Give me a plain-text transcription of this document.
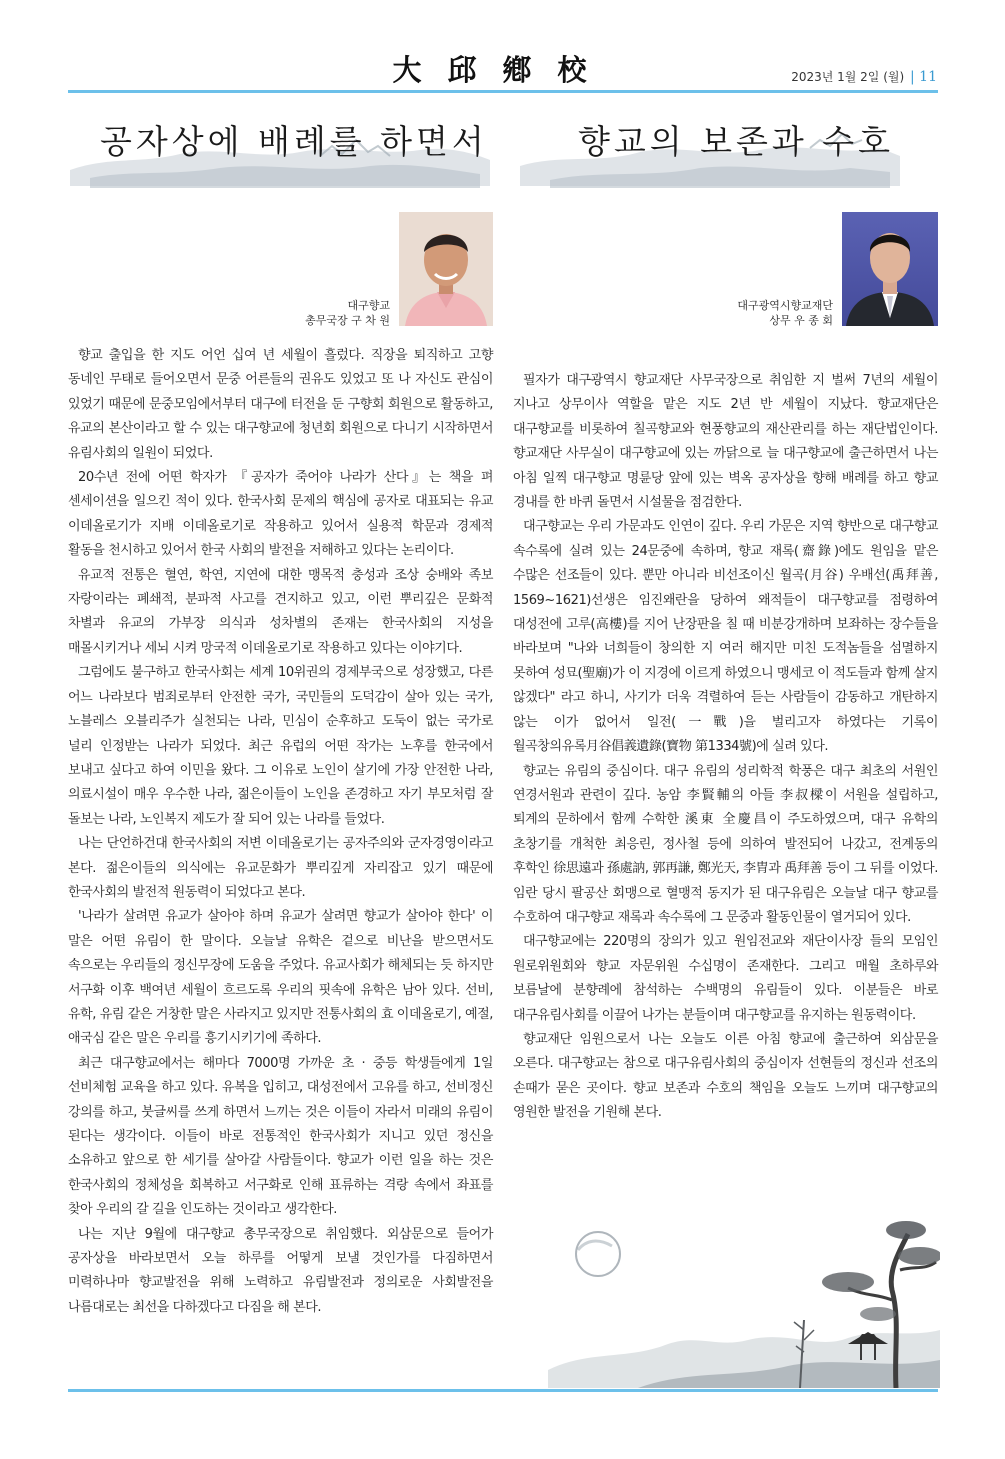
大邱鄕校	2023년 1월 2일 (월) | 11
공자상에 배례를 하면서	향교의 보존과 수호
대구향교
총무국장 구 차 원
대구광역시향교재단
상무 우 종 회

향교 출입을 한 지도 어언 십여 년 세월이 흘렀다. 직장을 퇴직하고 고향 동네인 무태로 들어오면서 문중 어른들의 권유도 있었고 또 나 자신도 관심이 있었기 때문에 문중모임에서부터 대구에 터전을 둔 구향회 회원으로 활동하고, 유교의 본산이라고 할 수 있는 대구향교에 청년회 회원으로 다니기 시작하면서 유림사회의 일원이 되었다.

20수년 전에 어떤 학자가 『공자가 죽어야 나라가 산다』는 책을 펴 센세이션을 일으킨 적이 있다. 한국사회 문제의 핵심에 공자로 대표되는 유교 이데올로기가 지배 이데올로기로 작용하고 있어서 실용적 학문과 경제적 활동을 천시하고 있어서 한국 사회의 발전을 저해하고 있다는 논리이다.

유교적 전통은 혈연, 학연, 지연에 대한 맹목적 충성과 조상 숭배와 족보 자랑이라는 폐쇄적, 분파적 사고를 견지하고 있고, 이런 뿌리깊은 문화적 차별과 유교의 가부장 의식과 성차별의 존재는 한국사회의 지성을 매몰시키거나 세뇌 시켜 망국적 이데올로기로 작용하고 있다는 이야기다.

그럼에도 불구하고 한국사회는 세계 10위권의 경제부국으로 성장했고, 다른 어느 나라보다 범죄로부터 안전한 국가, 국민들의 도덕감이 살아 있는 국가, 노블레스 오블리주가 실천되는 나라, 민심이 순후하고 도둑이 없는 국가로 널리 인정받는 나라가 되었다. 최근 유럽의 어떤 작가는 노후를 한국에서 보내고 싶다고 하여 이민을 왔다. 그 이유로 노인이 살기에 가장 안전한 나라, 의료시설이 매우 우수한 나라, 젊은이들이 노인을 존경하고 자기 부모처럼 잘 돌보는 나라, 노인복지 제도가 잘 되어 있는 나라를 들었다.

나는 단언하건대 한국사회의 저변 이데올로기는 공자주의와 군자경영이라고 본다. 젊은이들의 의식에는 유교문화가 뿌리깊게 자리잡고 있기 때문에 한국사회의 발전적 원동력이 되었다고 본다.

'나라가 살려면 유교가 살아야 하며 유교가 살려면 향교가 살아야 한다' 이 말은 어떤 유림이 한 말이다. 오늘날 유학은 겉으로 비난을 받으면서도 속으로는 우리들의 정신무장에 도움을 주었다. 유교사회가 해체되는 듯 하지만 서구화 이후 백여년 세월이 흐르도록 우리의 핏속에 유학은 남아 있다. 선비, 유학, 유림 같은 거창한 말은 사라지고 있지만 전통사회의 효 이데올로기, 예절, 애국심 같은 말은 우리를 흥기시키기에 족하다.

최근 대구향교에서는 해마다 7000명 가까운 초 · 중등 학생들에게 1일 선비체험 교육을 하고 있다. 유복을 입히고, 대성전에서 고유를 하고, 선비정신 강의를 하고, 붓글씨를 쓰게 하면서 느끼는 것은 이들이 자라서 미래의 유림이 된다는 생각이다. 이들이 바로 전통적인 한국사회가 지니고 있던 정신을 소유하고 앞으로 한 세기를 살아갈 사람들이다. 향교가 이런 일을 하는 것은 한국사회의 정체성을 회복하고 서구화로 인해 표류하는 격랑 속에서 좌표를 찾아 우리의 갈 길을 인도하는 것이라고 생각한다.

나는 지난 9월에 대구향교 총무국장으로 취임했다. 외삼문으로 들어가 공자상을 바라보면서 오늘 하루를 어떻게 보낼 것인가를 다짐하면서 미력하나마 향교발전을 위해 노력하고 유림발전과 정의로운 사회발전을 나름대로는 최선을 다하겠다고 다짐을 해 본다.

필자가 대구광역시 향교재단 사무국장으로 취임한 지 벌써 7년의 세월이 지나고 상무이사 역할을 맡은 지도 2년 반 세월이 지났다. 향교재단은 대구향교를 비롯하여 칠곡향교와 현풍향교의 재산관리를 하는 재단법인이다. 향교재단 사무실이 대구향교에 있는 까닭으로 늘 대구향교에 출근하면서 나는 아침 일찍 대구향교 명륜당 앞에 있는 벽옥 공자상을 향해 배례를 하고 향교 경내를 한 바퀴 돌면서 시설물을 점검한다.

대구향교는 우리 가문과도 인연이 깊다. 우리 가문은 지역 향반으로 대구향교 속수록에 실려 있는 24문중에 속하며, 향교 재록(齋錄)에도 원임을 맡은 수많은 선조들이 있다. 뿐만 아니라 비선조이신 월곡(月谷) 우배선(禹拜善, 1569~1621)선생은 임진왜란을 당하여 왜적들이 대구향교를 점령하여 대성전에 고루(高樓)를 지어 난장판을 칠 때 비분강개하며 보좌하는 장수들을 바라보며 "나와 너희들이 창의한 지 여러 해지만 미친 도적놈들을 섬멸하지 못하여 성묘(聖廟)가 이 지경에 이르게 하였으니 맹세코 이 적도들과 함께 살지 않겠다" 라고 하니, 사기가 더욱 격렬하여 듣는 사람들이 감동하고 개탄하지 않는 이가 없어서 일전(一戰)을 벌리고자 하였다는 기록이 월곡창의유록月谷倡義遺錄(寶物 第1334號)에 실려 있다.

향교는 유림의 중심이다. 대구 유림의 성리학적 학풍은 대구 최초의 서원인 연경서원과 관련이 깊다. 농암 李賢輔의 아들 李叔樑이 서원을 설립하고, 퇴계의 문하에서 함께 수학한 溪東 全慶昌이 주도하였으며, 대구 유학의 초창기를 개척한 최응린, 정사철 등에 의하여 발전되어 나갔고, 전계동의 후학인 徐思遠과 孫處訥, 郭再謙, 鄭光天, 李胄과 禹拜善 등이 그 뒤를 이었다. 임란 당시 팔공산 회맹으로 혈맹적 동지가 된 대구유림은 오늘날 대구 향교를 수호하여 대구향교 재록과 속수록에 그 문중과 활동인물이 열거되어 있다.

대구향교에는 220명의 장의가 있고 원임전교와 재단이사장 들의 모임인 원로위원회와 향교 자문위원 수십명이 존재한다. 그리고 매월 초하루와 보름날에 분향례에 참석하는 수백명의 유림들이 있다. 이분들은 바로 대구유림사회를 이끌어 나가는 분들이며 대구향교를 유지하는 원동력이다.

향교재단 임원으로서 나는 오늘도 이른 아침 향교에 출근하여 외삼문을 오른다. 대구향교는 참으로 대구유림사회의 중심이자 선현들의 정신과 선조의 손때가 묻은 곳이다. 향교 보존과 수호의 책임을 오늘도 느끼며 대구향교의 영원한 발전을 기원해 본다.
